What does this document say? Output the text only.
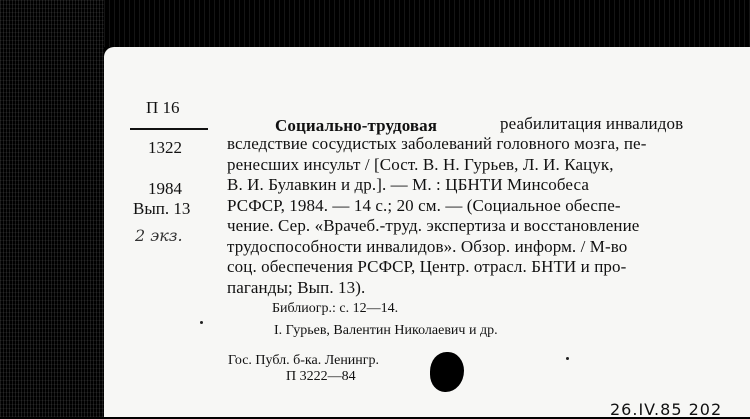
П 16
1322
1984
Вып. 13
2 экз.
Социально-трудовая	реабилитация инвалидов
вследствие сосудистых заболеваний головного мозга, пе-
ренесших инсульт / [Сост. В. Н. Гурьев, Л. И. Кацук,
В. И. Булавкин и др.]. — М. : ЦБНТИ Минсобеса
РСФСР, 1984. — 14 с.; 20 см. — (Социальное обеспе-
чение. Сер. «Врачеб.-труд. экспертиза и восстановление
трудоспособности инвалидов». Обзор. информ. / М-во
соц. обеспечения РСФСР, Центр. отрасл. БНТИ и про-
паганды; Вып. 13).
Библиогр.: с. 12—14.
I. Гурьев, Валентин Николаевич и др.
Гос. Публ. б-ка. Ленингр.
П 3222—84
26.IV.85 202
